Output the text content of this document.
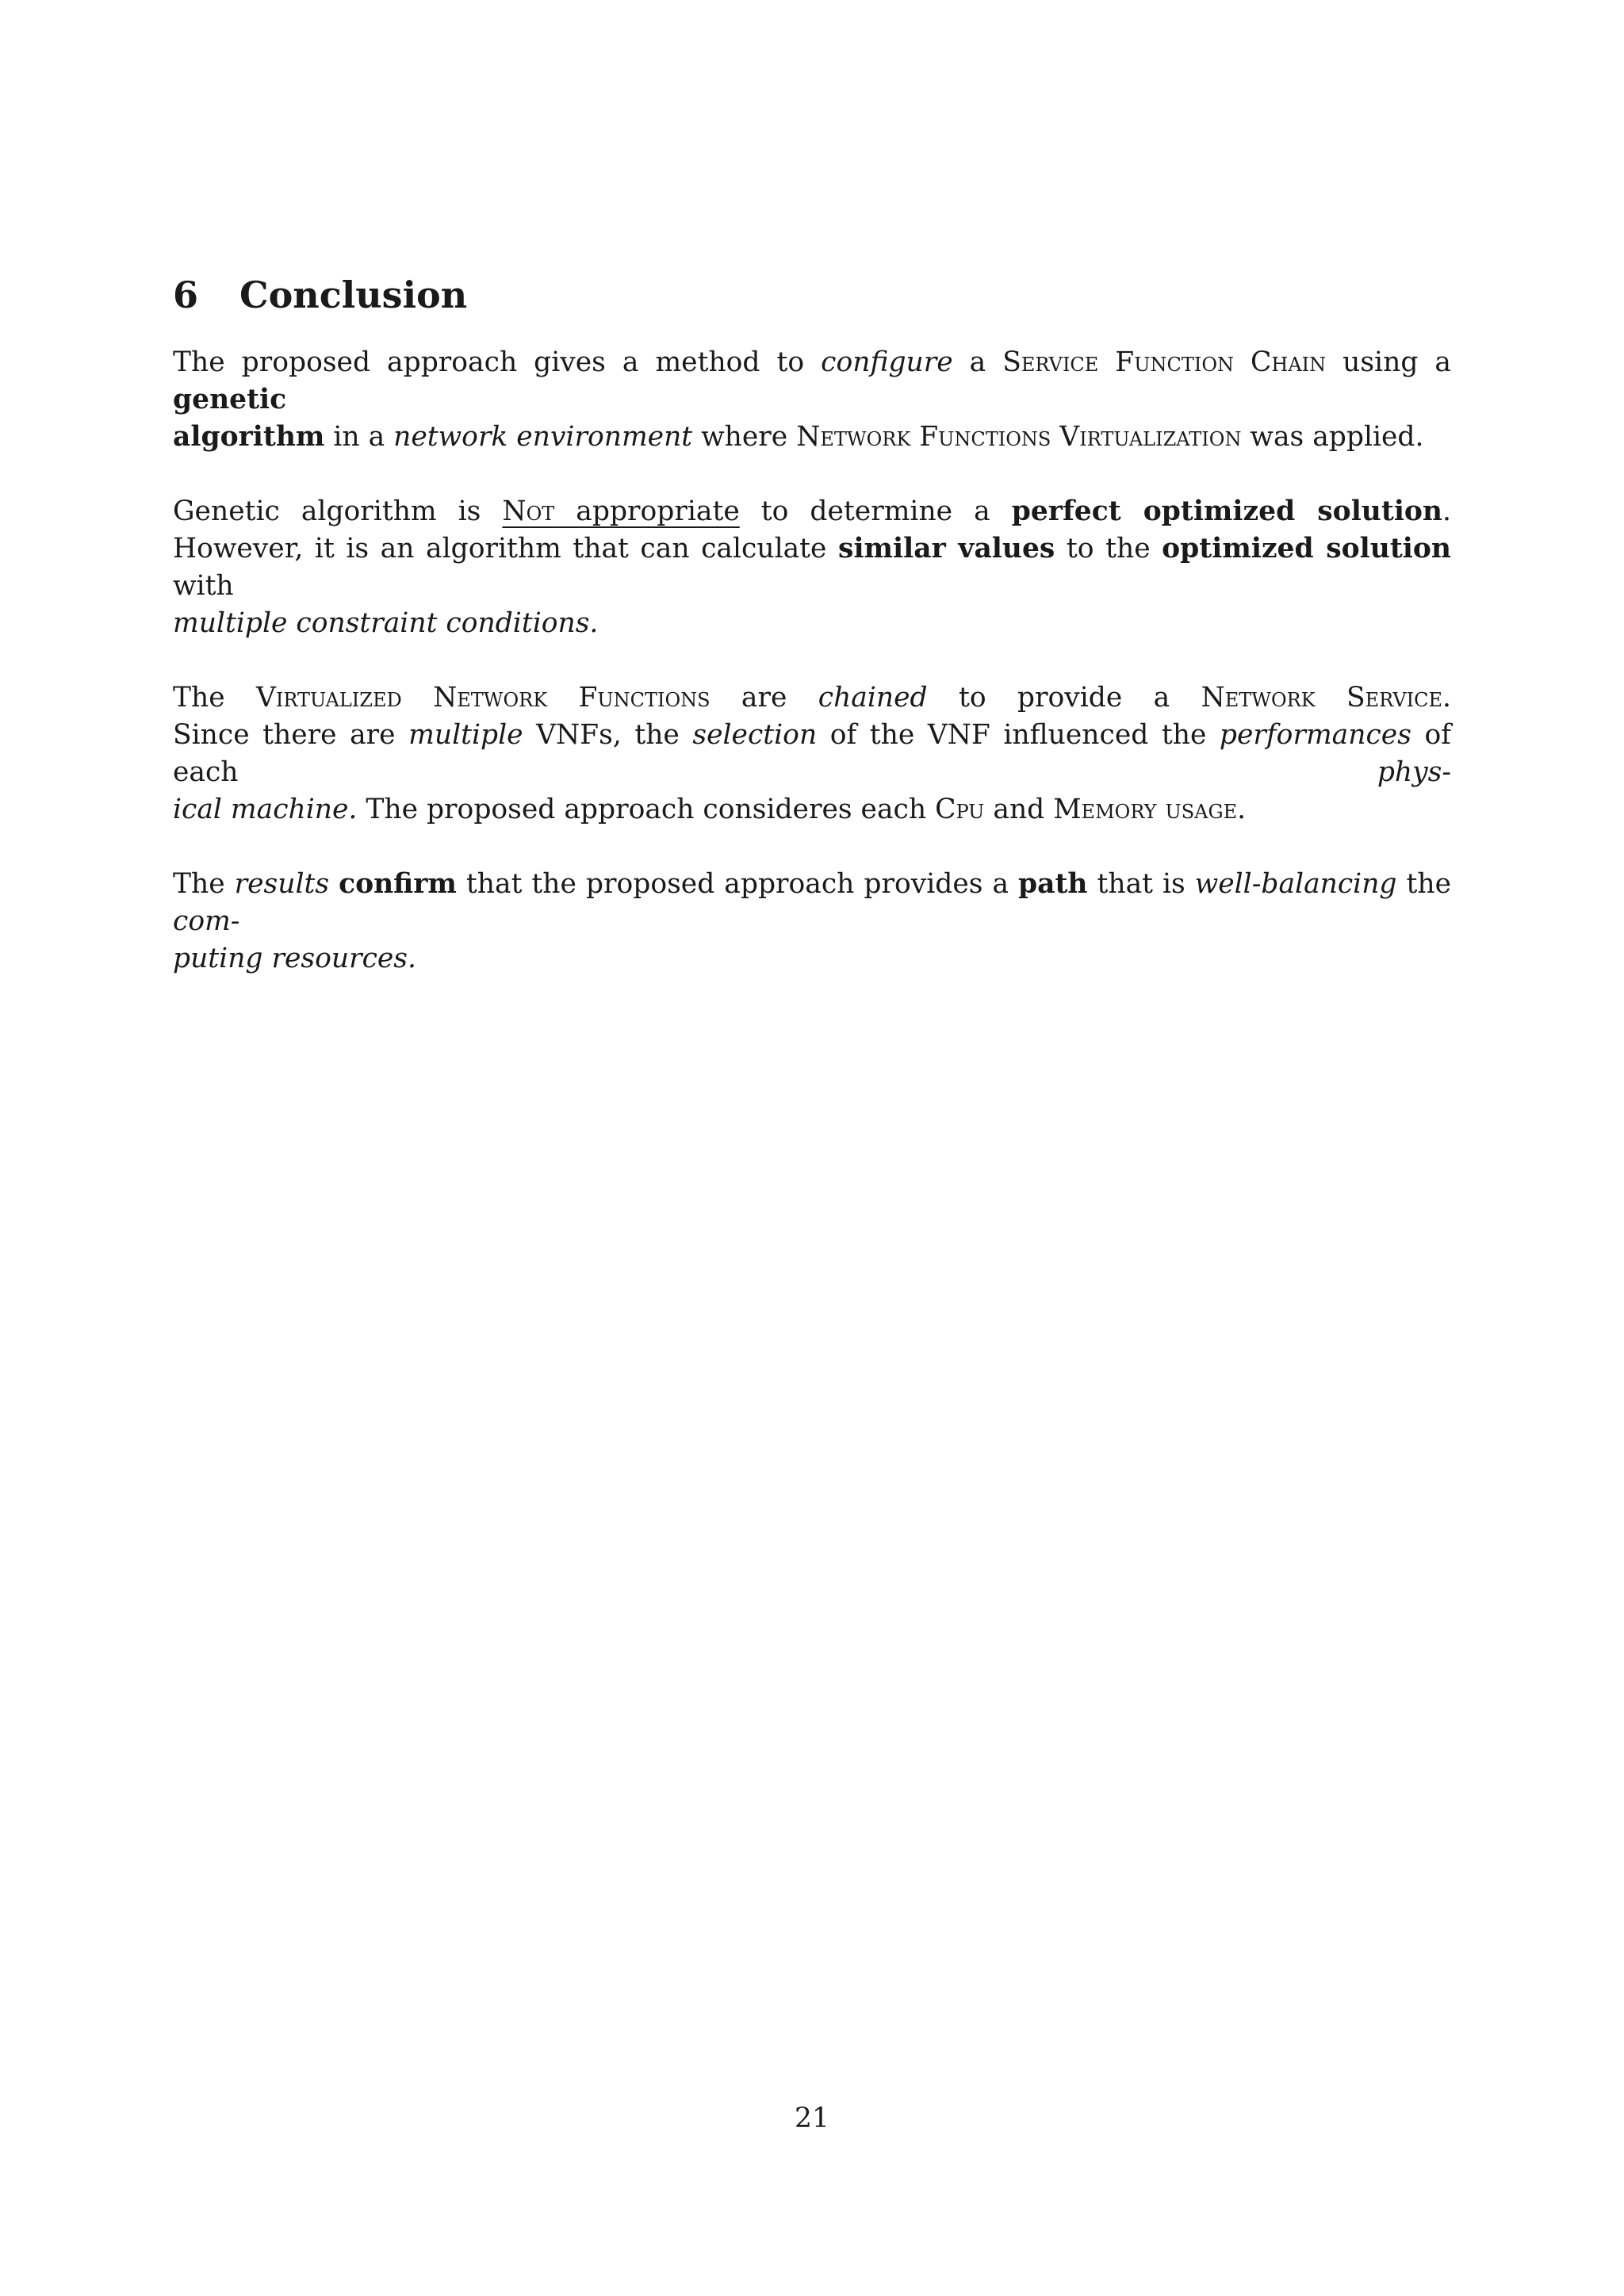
6 Conclusion

The proposed approach gives a method to configure a Service Function Chain using a genetic
algorithm in a network environment where Network Functions Virtualization was applied.

Genetic algorithm is Not appropriate to determine a perfect optimized solution.
However, it is an algorithm that can calculate similar values to the optimized solution with
multiple constraint conditions.

The Virtualized Network Functions are chained to provide a Network Service.
Since there are multiple VNFs, the selection of the VNF influenced the performances of each phys-
ical machine. The proposed approach consideres each Cpu and Memory usage.

The results confirm that the proposed approach provides a path that is well-balancing the com-
puting resources.

21
